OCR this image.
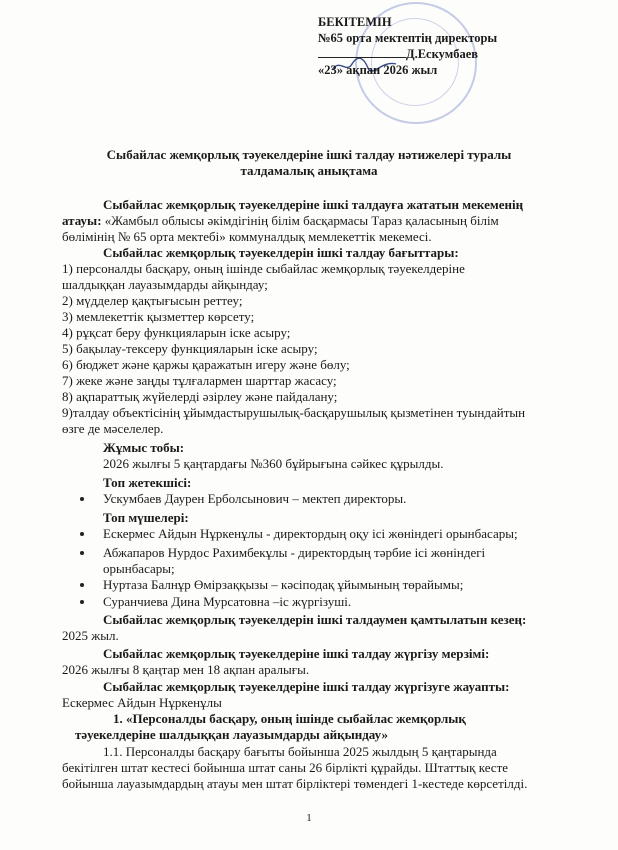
БЕКІТЕМІН
№65 орта мектептің директоры
Д.Ескумбаев
«23» ақпан 2026 жыл
Сыбайлас жемқорлық тәуекелдеріне ішкі талдау нәтижелері туралы
талдамалық анықтама
Сыбайлас жемқорлық тәуекелдеріне ішкі талдауға жататын мекеменің
атауы: «Жамбыл облысы әкімдігінің білім басқармасы Тараз қаласының білім
бөлімінің № 65 орта мектебі» коммуналдық мемлекеттік мекемесі.
Сыбайлас жемқорлық тәуекелдерін ішкі талдау бағыттары:
1) персоналды басқару, оның ішінде сыбайлас жемқорлық тәуекелдеріне
шалдыққан лауазымдарды айқындау;
2) мүдделер қақтығысын реттеу;
3) мемлекеттік қызметтер көрсету;
4) рұқсат беру функцияларын іске асыру;
5) бақылау-тексеру функцияларын іске асыру;
6) бюджет және қаржы қаражатын игеру және бөлу;
7) жеке және заңды тұлғалармен шарттар жасасу;
8) ақпараттық жүйелерді әзірлеу және пайдалану;
9)талдау объектісінің ұйымдастырушылық-басқарушылық қызметінен туындайтын
өзге де мәселелер.
Жұмыс тобы:
2026 жылғы 5 қаңтардағы №360 бұйрығына сәйкес құрылды.
Топ жетекшісі:
Ускумбаев Даурен Ерболсынович – мектеп директоры.
Топ мүшелері:
Ескермес Айдын Нұркенұлы - директордың оқу ісі жөніндегі орынбасары;
Абжапаров Нурдос Рахимбекұлы - директордың тәрбие ісі жөніндегі
орынбасары;
Нуртаза Балнұр Өмірзаққызы – кәсіподақ ұйымының төрайымы;
Суранчиева Дина Мурсатовна –іс жүргізуші.
Сыбайлас жемқорлық тәуекелдерін ішкі талдаумен қамтылатын кезең:
2025 жыл.
Сыбайлас жемқорлық тәуекелдеріне ішкі талдау жүргізу мерзімі:
2026 жылғы 8 қаңтар мен 18 ақпан аралығы.
Сыбайлас жемқорлық тәуекелдеріне ішкі талдау жүргізуге жауапты:
Ескермес Айдын Нұркенұлы
1. «Персоналды басқару, оның ішінде сыбайлас жемқорлық
тәуекелдеріне шалдыққан лауазымдарды айқындау»
1.1. Персоналды басқару бағыты бойынша 2025 жылдың 5 қаңтарында
бекітілген штат кестесі бойынша штат саны 26 бірлікті құрайды. Штаттық кесте
бойынша лауазымдардың атауы мен штат бірліктері төмендегі 1-кестеде көрсетілді.
1
